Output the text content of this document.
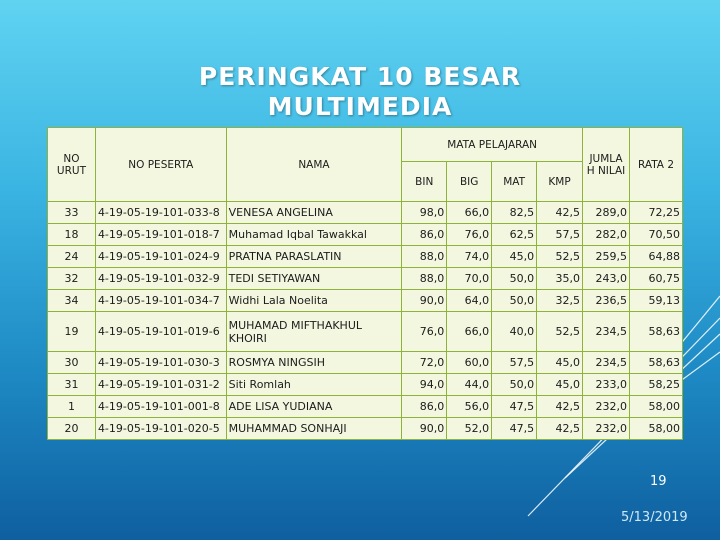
PERINGKAT 10 BESAR
MULTIMEDIA
NO URUT	NO PESERTA	NAMA	MATA PELAJARAN				JUMLA H NILAI	RATA 2
			BIN	BIG	MAT	KMP		
33	4-19-05-19-101-033-8	VENESA ANGELINA	98,0	66,0	82,5	42,5	289,0	72,25
18	4-19-05-19-101-018-7	Muhamad Iqbal Tawakkal	86,0	76,0	62,5	57,5	282,0	70,50
24	4-19-05-19-101-024-9	PRATNA PARASLATIN	88,0	74,0	45,0	52,5	259,5	64,88
32	4-19-05-19-101-032-9	TEDI SETIYAWAN	88,0	70,0	50,0	35,0	243,0	60,75
34	4-19-05-19-101-034-7	Widhi Lala Noelita	90,0	64,0	50,0	32,5	236,5	59,13
19	4-19-05-19-101-019-6	MUHAMAD MIFTHAKHUL KHOIRI	76,0	66,0	40,0	52,5	234,5	58,63
30	4-19-05-19-101-030-3	ROSMYA NINGSIH	72,0	60,0	57,5	45,0	234,5	58,63
31	4-19-05-19-101-031-2	Siti Romlah	94,0	44,0	50,0	45,0	233,0	58,25
1	4-19-05-19-101-001-8	ADE LISA YUDIANA	86,0	56,0	47,5	42,5	232,0	58,00
20	4-19-05-19-101-020-5	MUHAMMAD SONHAJI	90,0	52,0	47,5	42,5	232,0	58,00
19
5/13/2019
